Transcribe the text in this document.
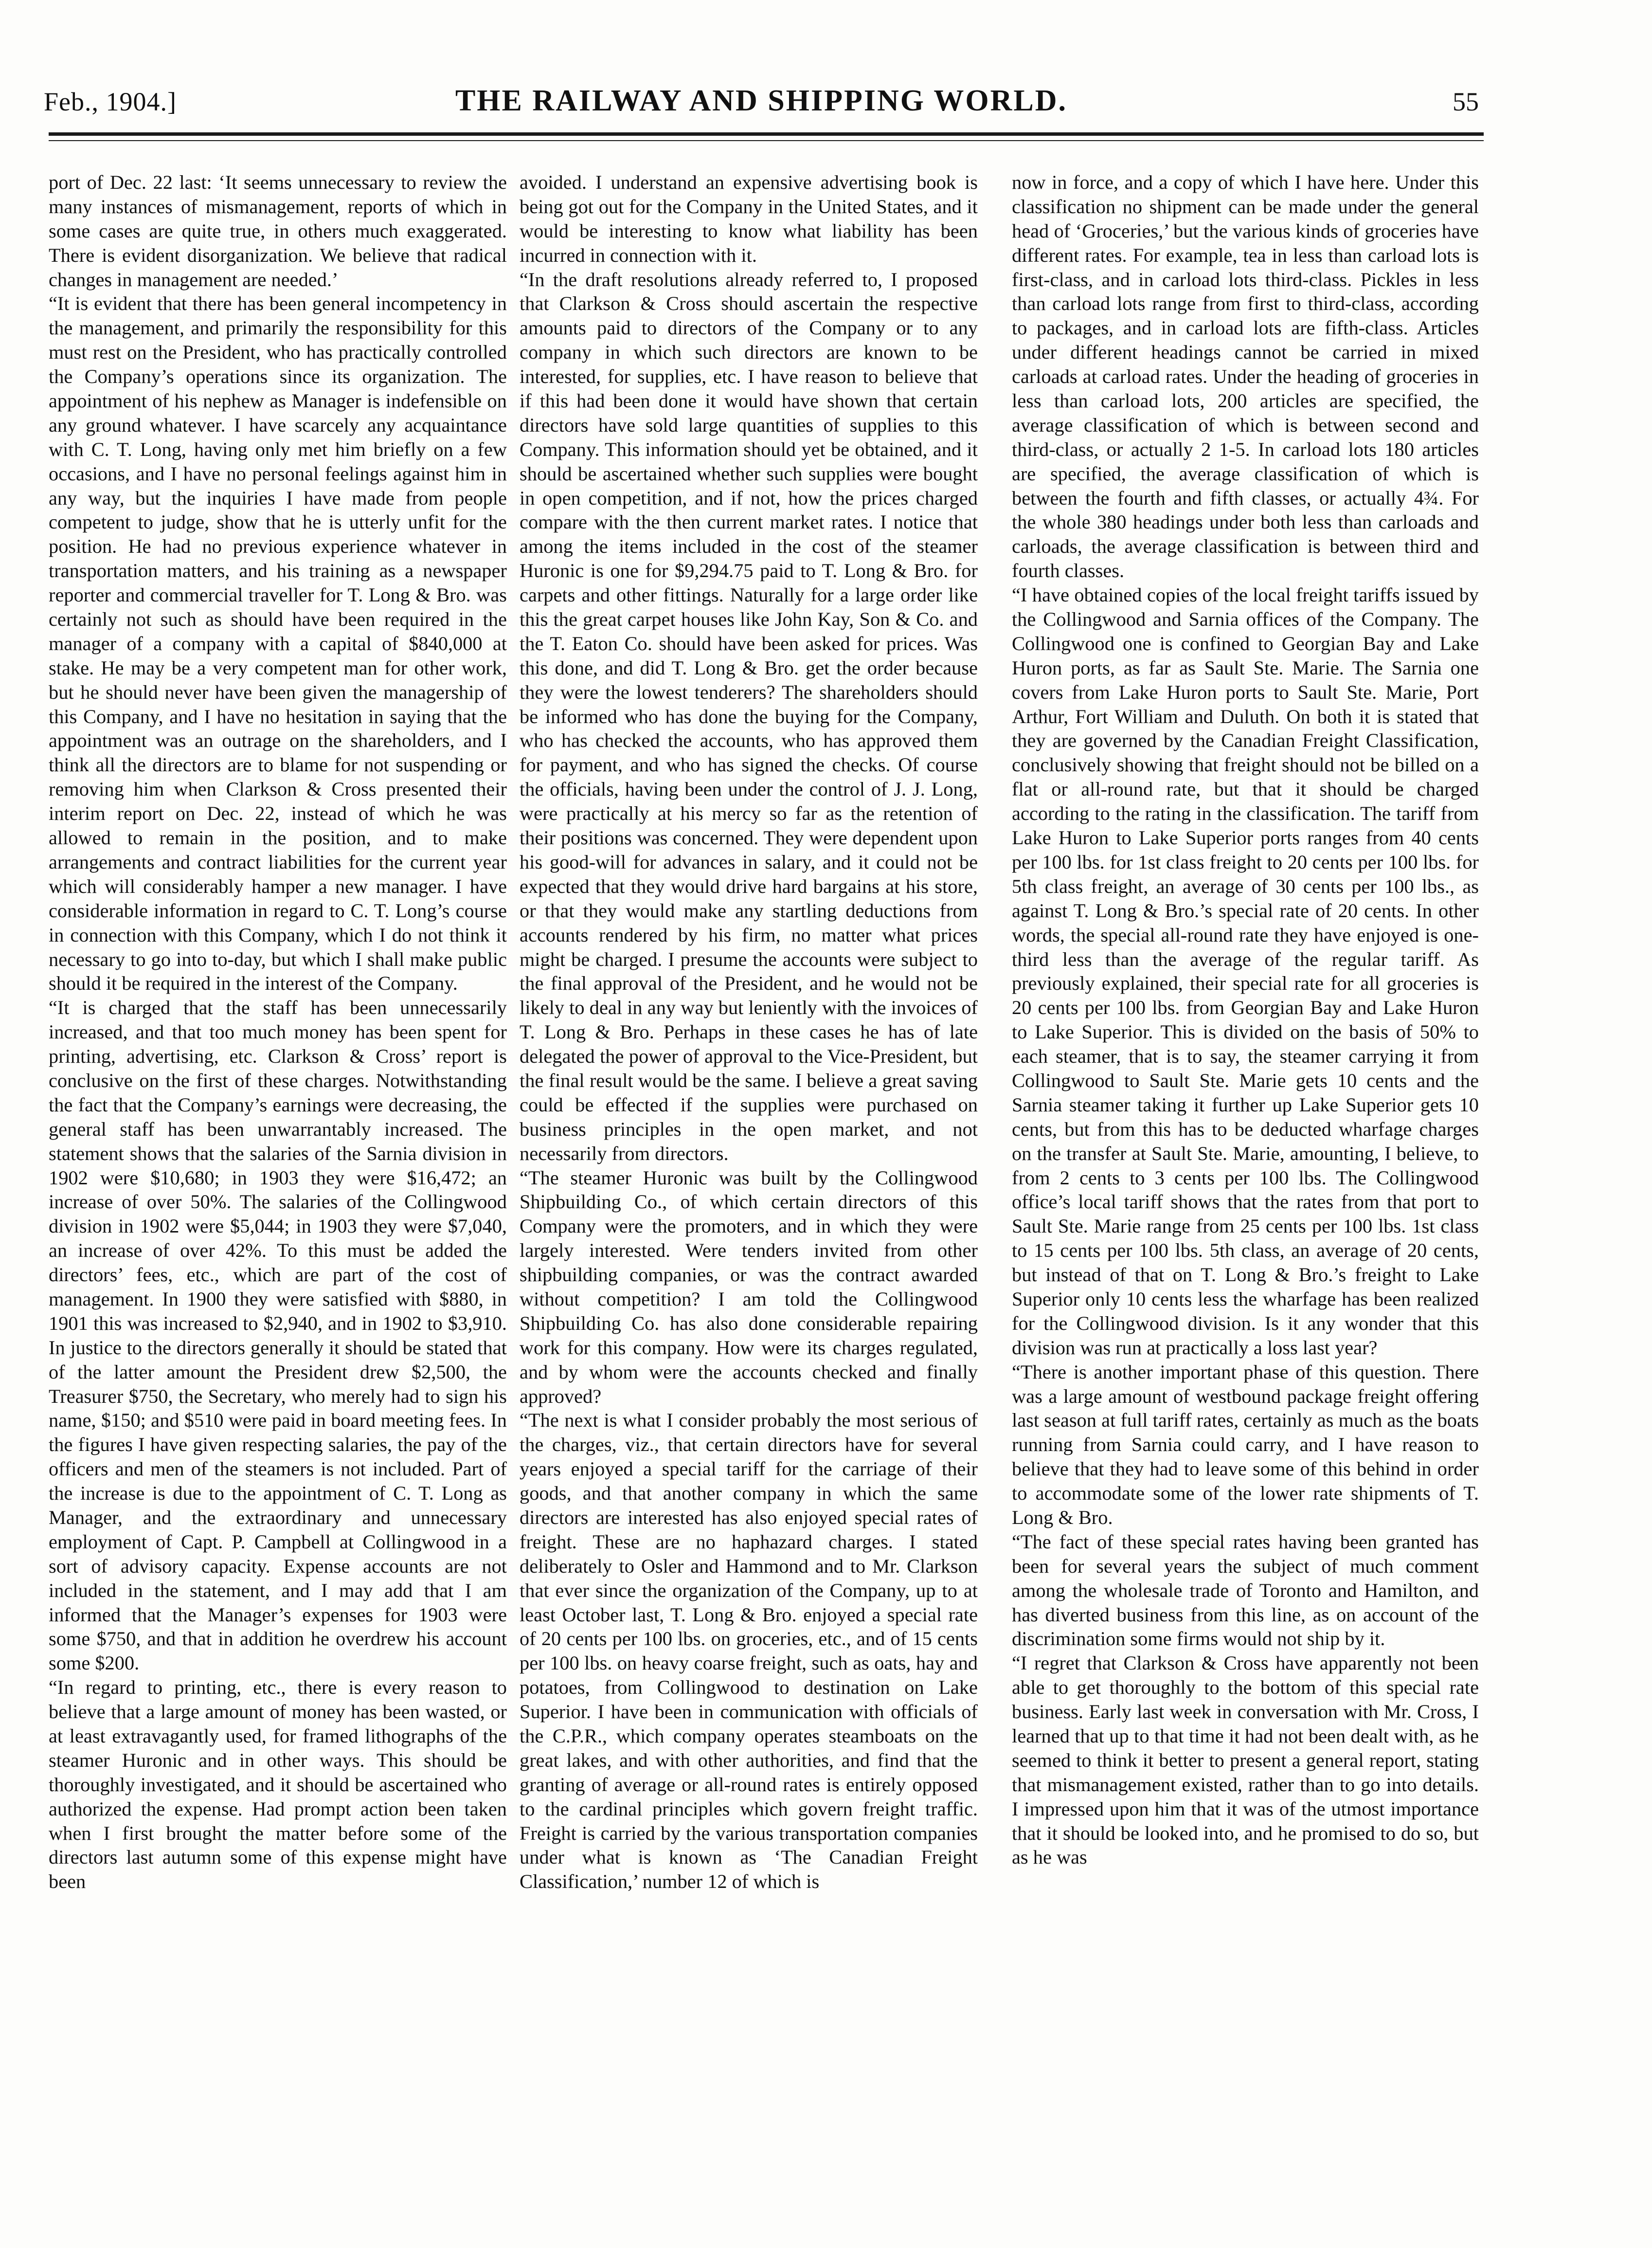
Feb., 1904.]	THE RAILWAY AND SHIPPING WORLD.	55

port of Dec. 22 last: ‘It seems unnecessary to review the many instances of mismanagement, reports of which in some cases are quite true, in others much exaggerated. There is evident disorganization. We believe that radical changes in management are needed.’

“It is evident that there has been general incompetency in the management, and primarily the responsibility for this must rest on the President, who has practically controlled the Company’s operations since its organization. The appointment of his nephew as Manager is indefensible on any ground whatever. I have scarcely any acquaintance with C. T. Long, having only met him briefly on a few occasions, and I have no personal feelings against him in any way, but the inquiries I have made from people competent to judge, show that he is utterly unfit for the position. He had no previous experience whatever in transportation matters, and his training as a newspaper reporter and commercial traveller for T. Long & Bro. was certainly not such as should have been required in the manager of a company with a capital of $840,000 at stake. He may be a very competent man for other work, but he should never have been given the managership of this Company, and I have no hesitation in saying that the appointment was an outrage on the shareholders, and I think all the directors are to blame for not suspending or removing him when Clarkson & Cross presented their interim report on Dec. 22, instead of which he was allowed to remain in the position, and to make arrangements and contract liabilities for the current year which will considerably hamper a new manager. I have considerable information in regard to C. T. Long’s course in connection with this Company, which I do not think it necessary to go into to-day, but which I shall make public should it be required in the interest of the Company.

“It is charged that the staff has been unnecessarily increased, and that too much money has been spent for printing, advertising, etc. Clarkson & Cross’ report is conclusive on the first of these charges. Notwithstanding the fact that the Company’s earnings were decreasing, the general staff has been unwarrantably increased. The statement shows that the salaries of the Sarnia division in 1902 were $10,680; in 1903 they were $16,472; an increase of over 50%. The salaries of the Collingwood division in 1902 were $5,044; in 1903 they were $7,040, an increase of over 42%. To this must be added the directors’ fees, etc., which are part of the cost of management. In 1900 they were satisfied with $880, in 1901 this was increased to $2,940, and in 1902 to $3,910. In justice to the directors generally it should be stated that of the latter amount the President drew $2,500, the Treasurer $750, the Secretary, who merely had to sign his name, $150; and $510 were paid in board meeting fees. In the figures I have given respecting salaries, the pay of the officers and men of the steamers is not included. Part of the increase is due to the appointment of C. T. Long as Manager, and the extraordinary and unnecessary employment of Capt. P. Campbell at Collingwood in a sort of advisory capacity. Expense accounts are not included in the statement, and I may add that I am informed that the Manager’s expenses for 1903 were some $750, and that in addition he overdrew his account some $200.

“In regard to printing, etc., there is every reason to believe that a large amount of money has been wasted, or at least extravagantly used, for framed lithographs of the steamer Huronic and in other ways. This should be thoroughly investigated, and it should be ascertained who authorized the expense. Had prompt action been taken when I first brought the matter before some of the directors last autumn some of this expense might have been

avoided. I understand an expensive advertising book is being got out for the Company in the United States, and it would be interesting to know what liability has been incurred in connection with it.

“In the draft resolutions already referred to, I proposed that Clarkson & Cross should ascertain the respective amounts paid to directors of the Company or to any company in which such directors are known to be interested, for supplies, etc. I have reason to believe that if this had been done it would have shown that certain directors have sold large quantities of supplies to this Company. This information should yet be obtained, and it should be ascertained whether such supplies were bought in open competition, and if not, how the prices charged compare with the then current market rates. I notice that among the items included in the cost of the steamer Huronic is one for $9,294.75 paid to T. Long & Bro. for carpets and other fittings. Naturally for a large order like this the great carpet houses like John Kay, Son & Co. and the T. Eaton Co. should have been asked for prices. Was this done, and did T. Long & Bro. get the order because they were the lowest tenderers? The shareholders should be informed who has done the buying for the Company, who has checked the accounts, who has approved them for payment, and who has signed the checks. Of course the officials, having been under the control of J. J. Long, were practically at his mercy so far as the retention of their positions was concerned. They were dependent upon his good-will for advances in salary, and it could not be expected that they would drive hard bargains at his store, or that they would make any startling deductions from accounts rendered by his firm, no matter what prices might be charged. I presume the accounts were subject to the final approval of the President, and he would not be likely to deal in any way but leniently with the invoices of T. Long & Bro. Perhaps in these cases he has of late delegated the power of approval to the Vice-President, but the final result would be the same. I believe a great saving could be effected if the supplies were purchased on business principles in the open market, and not necessarily from directors.

“The steamer Huronic was built by the Collingwood Shipbuilding Co., of which certain directors of this Company were the promoters, and in which they were largely interested. Were tenders invited from other shipbuilding companies, or was the contract awarded without competition? I am told the Collingwood Shipbuilding Co. has also done considerable repairing work for this company. How were its charges regulated, and by whom were the accounts checked and finally approved?

“The next is what I consider probably the most serious of the charges, viz., that certain directors have for several years enjoyed a special tariff for the carriage of their goods, and that another company in which the same directors are interested has also enjoyed special rates of freight. These are no haphazard charges. I stated deliberately to Osler and Hammond and to Mr. Clarkson that ever since the organization of the Company, up to at least October last, T. Long & Bro. enjoyed a special rate of 20 cents per 100 lbs. on groceries, etc., and of 15 cents per 100 lbs. on heavy coarse freight, such as oats, hay and potatoes, from Collingwood to destination on Lake Superior. I have been in communication with officials of the C.P.R., which company operates steamboats on the great lakes, and with other authorities, and find that the granting of average or all-round rates is entirely opposed to the cardinal principles which govern freight traffic. Freight is carried by the various transportation companies under what is known as ‘The Canadian Freight Classification,’ number 12 of which is

now in force, and a copy of which I have here. Under this classification no shipment can be made under the general head of ‘Groceries,’ but the various kinds of groceries have different rates. For example, tea in less than carload lots is first-class, and in carload lots third-class. Pickles in less than carload lots range from first to third-class, according to packages, and in carload lots are fifth-class. Articles under different headings cannot be carried in mixed carloads at carload rates. Under the heading of groceries in less than carload lots, 200 articles are specified, the average classification of which is between second and third-class, or actually 2 1-5. In carload lots 180 articles are specified, the average classification of which is between the fourth and fifth classes, or actually 4¾. For the whole 380 headings under both less than carloads and carloads, the average classification is between third and fourth classes.

“I have obtained copies of the local freight tariffs issued by the Collingwood and Sarnia offices of the Company. The Collingwood one is confined to Georgian Bay and Lake Huron ports, as far as Sault Ste. Marie. The Sarnia one covers from Lake Huron ports to Sault Ste. Marie, Port Arthur, Fort William and Duluth. On both it is stated that they are governed by the Canadian Freight Classification, conclusively showing that freight should not be billed on a flat or all-round rate, but that it should be charged according to the rating in the classification. The tariff from Lake Huron to Lake Superior ports ranges from 40 cents per 100 lbs. for 1st class freight to 20 cents per 100 lbs. for 5th class freight, an average of 30 cents per 100 lbs., as against T. Long & Bro.’s special rate of 20 cents. In other words, the special all-round rate they have enjoyed is one-third less than the average of the regular tariff. As previously explained, their special rate for all groceries is 20 cents per 100 lbs. from Georgian Bay and Lake Huron to Lake Superior. This is divided on the basis of 50% to each steamer, that is to say, the steamer carrying it from Collingwood to Sault Ste. Marie gets 10 cents and the Sarnia steamer taking it further up Lake Superior gets 10 cents, but from this has to be deducted wharfage charges on the transfer at Sault Ste. Marie, amounting, I believe, to from 2 cents to 3 cents per 100 lbs. The Collingwood office’s local tariff shows that the rates from that port to Sault Ste. Marie range from 25 cents per 100 lbs. 1st class to 15 cents per 100 lbs. 5th class, an average of 20 cents, but instead of that on T. Long & Bro.’s freight to Lake Superior only 10 cents less the wharfage has been realized for the Collingwood division. Is it any wonder that this division was run at practically a loss last year?

“There is another important phase of this question. There was a large amount of westbound package freight offering last season at full tariff rates, certainly as much as the boats running from Sarnia could carry, and I have reason to believe that they had to leave some of this behind in order to accommodate some of the lower rate shipments of T. Long & Bro.

“The fact of these special rates having been granted has been for several years the subject of much comment among the wholesale trade of Toronto and Hamilton, and has diverted business from this line, as on account of the discrimination some firms would not ship by it.

“I regret that Clarkson & Cross have apparently not been able to get thoroughly to the bottom of this special rate business. Early last week in conversation with Mr. Cross, I learned that up to that time it had not been dealt with, as he seemed to think it better to present a general report, stating that mismanagement existed, rather than to go into details. I impressed upon him that it was of the utmost importance that it should be looked into, and he promised to do so, but as he was
